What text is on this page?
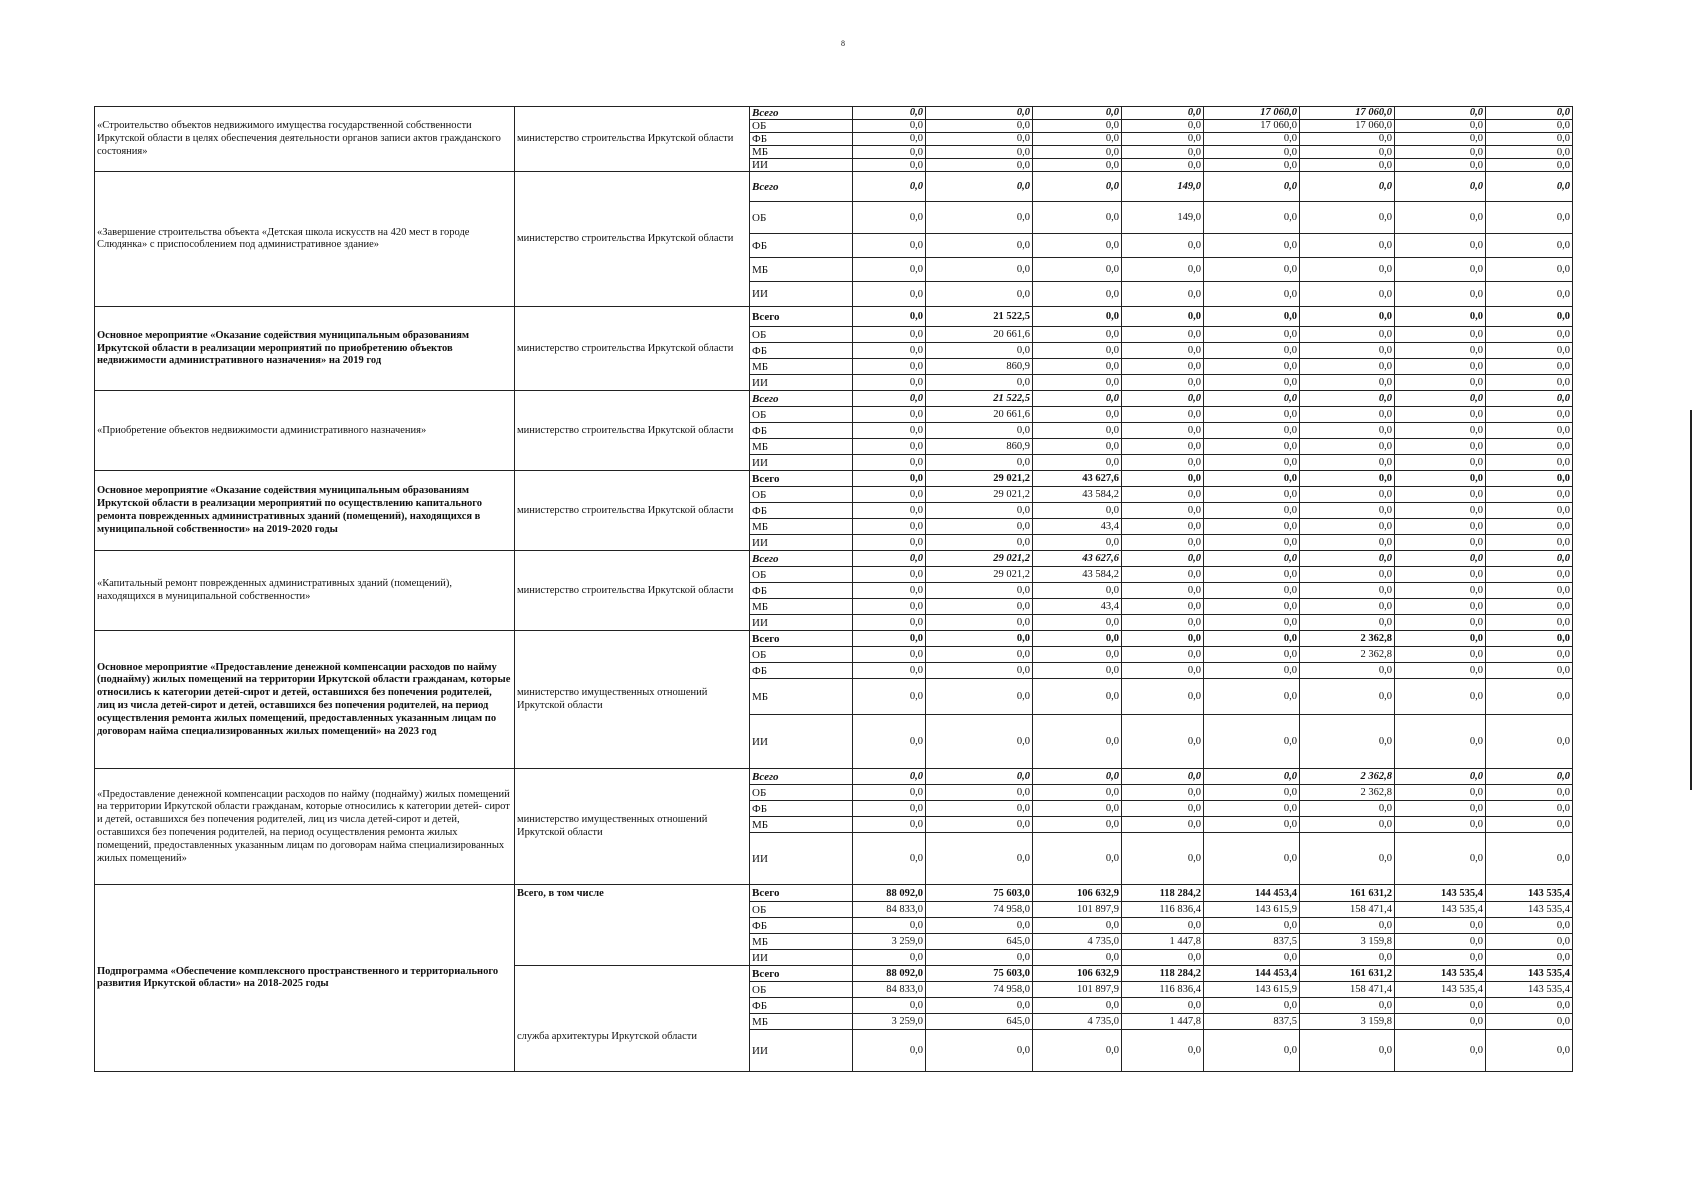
8
«Строительство объектов недвижимого имущества государственной собственности Иркутской области в целях обеспечения деятельности органов записи актов гражданского состояния»	министерство строительства Иркутской области	Всего	0,0	0,0	0,0	0,0	17 060,0	17 060,0	0,0	0,0
		ОБ	0,0	0,0	0,0	0,0	17 060,0	17 060,0	0,0	0,0
		ФБ	0,0	0,0	0,0	0,0	0,0	0,0	0,0	0,0
		МБ	0,0	0,0	0,0	0,0	0,0	0,0	0,0	0,0
		ИИ	0,0	0,0	0,0	0,0	0,0	0,0	0,0	0,0
«Завершение строительства объекта «Детская школа искусств на 420 мест в городе Слюдянка» с приспособлением под административное здание»	министерство строительства Иркутской области	Всего	0,0	0,0	0,0	149,0	0,0	0,0	0,0	0,0
		ОБ	0,0	0,0	0,0	149,0	0,0	0,0	0,0	0,0
		ФБ	0,0	0,0	0,0	0,0	0,0	0,0	0,0	0,0
		МБ	0,0	0,0	0,0	0,0	0,0	0,0	0,0	0,0
		ИИ	0,0	0,0	0,0	0,0	0,0	0,0	0,0	0,0
Основное мероприятие «Оказание содействия муниципальным образованиям Иркутской области в реализации мероприятий по приобретению объектов недвижимости административного назначения» на 2019 год	министерство строительства Иркутской области	Всего	0,0	21 522,5	0,0	0,0	0,0	0,0	0,0	0,0
		ОБ	0,0	20 661,6	0,0	0,0	0,0	0,0	0,0	0,0
		ФБ	0,0	0,0	0,0	0,0	0,0	0,0	0,0	0,0
		МБ	0,0	860,9	0,0	0,0	0,0	0,0	0,0	0,0
		ИИ	0,0	0,0	0,0	0,0	0,0	0,0	0,0	0,0
«Приобретение объектов недвижимости административного назначения»	министерство строительства Иркутской области	Всего	0,0	21 522,5	0,0	0,0	0,0	0,0	0,0	0,0
		ОБ	0,0	20 661,6	0,0	0,0	0,0	0,0	0,0	0,0
		ФБ	0,0	0,0	0,0	0,0	0,0	0,0	0,0	0,0
		МБ	0,0	860,9	0,0	0,0	0,0	0,0	0,0	0,0
		ИИ	0,0	0,0	0,0	0,0	0,0	0,0	0,0	0,0
Основное мероприятие «Оказание содействия муниципальным образованиям Иркутской области в реализации мероприятий по осуществлению капитального ремонта поврежденных административных зданий (помещений), находящихся в муниципальной собственности» на 2019-2020 годы	министерство строительства Иркутской области	Всего	0,0	29 021,2	43 627,6	0,0	0,0	0,0	0,0	0,0
		ОБ	0,0	29 021,2	43 584,2	0,0	0,0	0,0	0,0	0,0
		ФБ	0,0	0,0	0,0	0,0	0,0	0,0	0,0	0,0
		МБ	0,0	0,0	43,4	0,0	0,0	0,0	0,0	0,0
		ИИ	0,0	0,0	0,0	0,0	0,0	0,0	0,0	0,0
«Капитальный ремонт поврежденных административных зданий (помещений), находящихся в муниципальной собственности»	министерство строительства Иркутской области	Всего	0,0	29 021,2	43 627,6	0,0	0,0	0,0	0,0	0,0
		ОБ	0,0	29 021,2	43 584,2	0,0	0,0	0,0	0,0	0,0
		ФБ	0,0	0,0	0,0	0,0	0,0	0,0	0,0	0,0
		МБ	0,0	0,0	43,4	0,0	0,0	0,0	0,0	0,0
		ИИ	0,0	0,0	0,0	0,0	0,0	0,0	0,0	0,0
Основное мероприятие «Предоставление денежной компенсации расходов по найму (поднайму) жилых помещений на территории Иркутской области гражданам, которые относились к категории детей-сирот и детей, оставшихся без попечения родителей, лиц из числа детей-сирот и детей, оставшихся без попечения родителей, на период осуществления ремонта жилых помещений, предоставленных указанным лицам по договорам найма специализированных жилых помещений» на 2023 год	министерство имущественных отношений Иркутской области	Всего	0,0	0,0	0,0	0,0	0,0	2 362,8	0,0	0,0
		ОБ	0,0	0,0	0,0	0,0	0,0	2 362,8	0,0	0,0
		ФБ	0,0	0,0	0,0	0,0	0,0	0,0	0,0	0,0
		МБ	0,0	0,0	0,0	0,0	0,0	0,0	0,0	0,0
		ИИ	0,0	0,0	0,0	0,0	0,0	0,0	0,0	0,0
«Предоставление денежной компенсации расходов по найму (поднайму) жилых помещений на территории Иркутской области гражданам, которые относились к категории детей- сирот и детей, оставшихся без попечения родителей, лиц из числа детей-сирот и детей, оставшихся без попечения родителей, на период осуществления ремонта жилых помещений, предоставленных указанным лицам по договорам найма специализированных жилых помещений»	министерство имущественных отношений Иркутской области	Всего	0,0	0,0	0,0	0,0	0,0	2 362,8	0,0	0,0
		ОБ	0,0	0,0	0,0	0,0	0,0	2 362,8	0,0	0,0
		ФБ	0,0	0,0	0,0	0,0	0,0	0,0	0,0	0,0
		МБ	0,0	0,0	0,0	0,0	0,0	0,0	0,0	0,0
		ИИ	0,0	0,0	0,0	0,0	0,0	0,0	0,0	0,0
Подпрограмма «Обеспечение комплексного пространственного и территориального развития Иркутской области» на 2018-2025 годы	Всего, в том числе	Всего	88 092,0	75 603,0	106 632,9	118 284,2	144 453,4	161 631,2	143 535,4	143 535,4
		ОБ	84 833,0	74 958,0	101 897,9	116 836,4	143 615,9	158 471,4	143 535,4	143 535,4
		ФБ	0,0	0,0	0,0	0,0	0,0	0,0	0,0	0,0
		МБ	3 259,0	645,0	4 735,0	1 447,8	837,5	3 159,8	0,0	0,0
		ИИ	0,0	0,0	0,0	0,0	0,0	0,0	0,0	0,0
	служба архитектуры Иркутской области	Всего	88 092,0	75 603,0	106 632,9	118 284,2	144 453,4	161 631,2	143 535,4	143 535,4
		ОБ	84 833,0	74 958,0	101 897,9	116 836,4	143 615,9	158 471,4	143 535,4	143 535,4
		ФБ	0,0	0,0	0,0	0,0	0,0	0,0	0,0	0,0
		МБ	3 259,0	645,0	4 735,0	1 447,8	837,5	3 159,8	0,0	0,0
		ИИ	0,0	0,0	0,0	0,0	0,0	0,0	0,0	0,0
